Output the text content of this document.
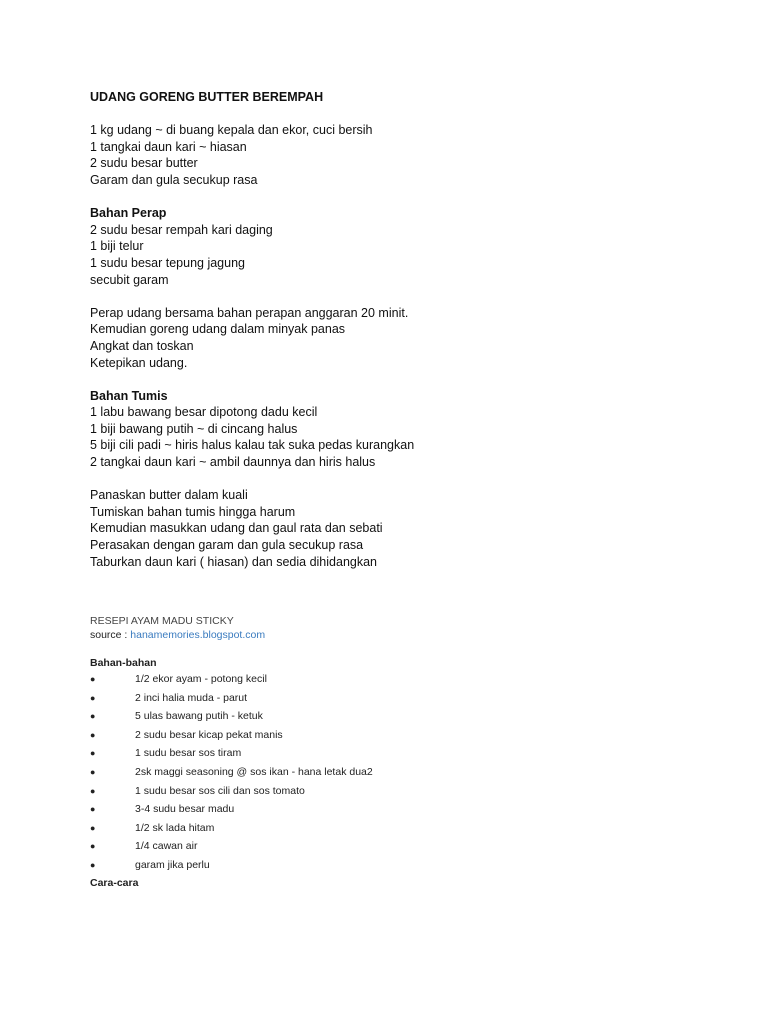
UDANG GORENG BUTTER BEREMPAH
1 kg udang ~ di buang kepala dan ekor, cuci bersih
1 tangkai daun kari ~ hiasan
2 sudu besar butter
Garam dan gula secukup rasa
Bahan Perap
2 sudu besar rempah kari daging
1 biji telur
1 sudu besar tepung jagung
secubit garam
Perap udang bersama bahan perapan anggaran 20 minit.
Kemudian goreng udang dalam minyak panas
Angkat dan toskan
Ketepikan udang.
Bahan Tumis
1 labu bawang besar dipotong dadu kecil
1 biji bawang putih ~ di cincang halus
5 biji cili padi ~ hiris halus kalau tak suka pedas kurangkan
2 tangkai daun kari ~ ambil daunnya dan hiris halus
Panaskan butter dalam kuali
Tumiskan bahan tumis hingga harum
Kemudian masukkan udang dan gaul rata dan sebati
Perasakan dengan garam dan gula secukup rasa
Taburkan daun kari ( hiasan) dan sedia dihidangkan
RESEPI AYAM MADU STICKY
source : hanamemories.blogspot.com
Bahan-bahan
●	1/2 ekor ayam - potong kecil
●	2 inci halia muda - parut
●	5 ulas bawang putih - ketuk
●	2 sudu besar kicap pekat manis
●	1 sudu besar sos tiram
●	2sk maggi seasoning @ sos ikan - hana letak dua2
●	1 sudu besar sos cili dan sos tomato
●	3-4 sudu besar madu
●	1/2 sk lada hitam
●	1/4 cawan air
●	garam jika perlu
Cara-cara
